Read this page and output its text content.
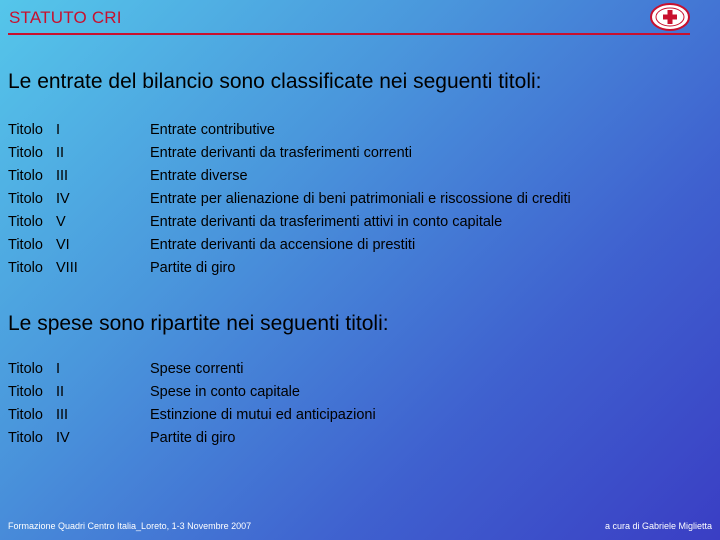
STATUTO CRI
Le entrate del bilancio sono classificate nei seguenti titoli:
Titolo I	Entrate contributive
Titolo II	Entrate derivanti da trasferimenti correnti
Titolo III	Entrate diverse
Titolo IV	Entrate per alienazione di beni patrimoniali e riscossione di crediti
Titolo V	Entrate derivanti da trasferimenti attivi in conto capitale
Titolo VI	Entrate derivanti da accensione di prestiti
Titolo VIII	Partite di giro
Le spese sono ripartite nei seguenti titoli:
Titolo I	Spese correnti
Titolo II	Spese in conto capitale
Titolo III	Estinzione di mutui ed anticipazioni
Titolo IV	Partite di giro
Formazione Quadri Centro Italia_Loreto, 1-3 Novembre 2007	a cura di Gabriele Miglietta
